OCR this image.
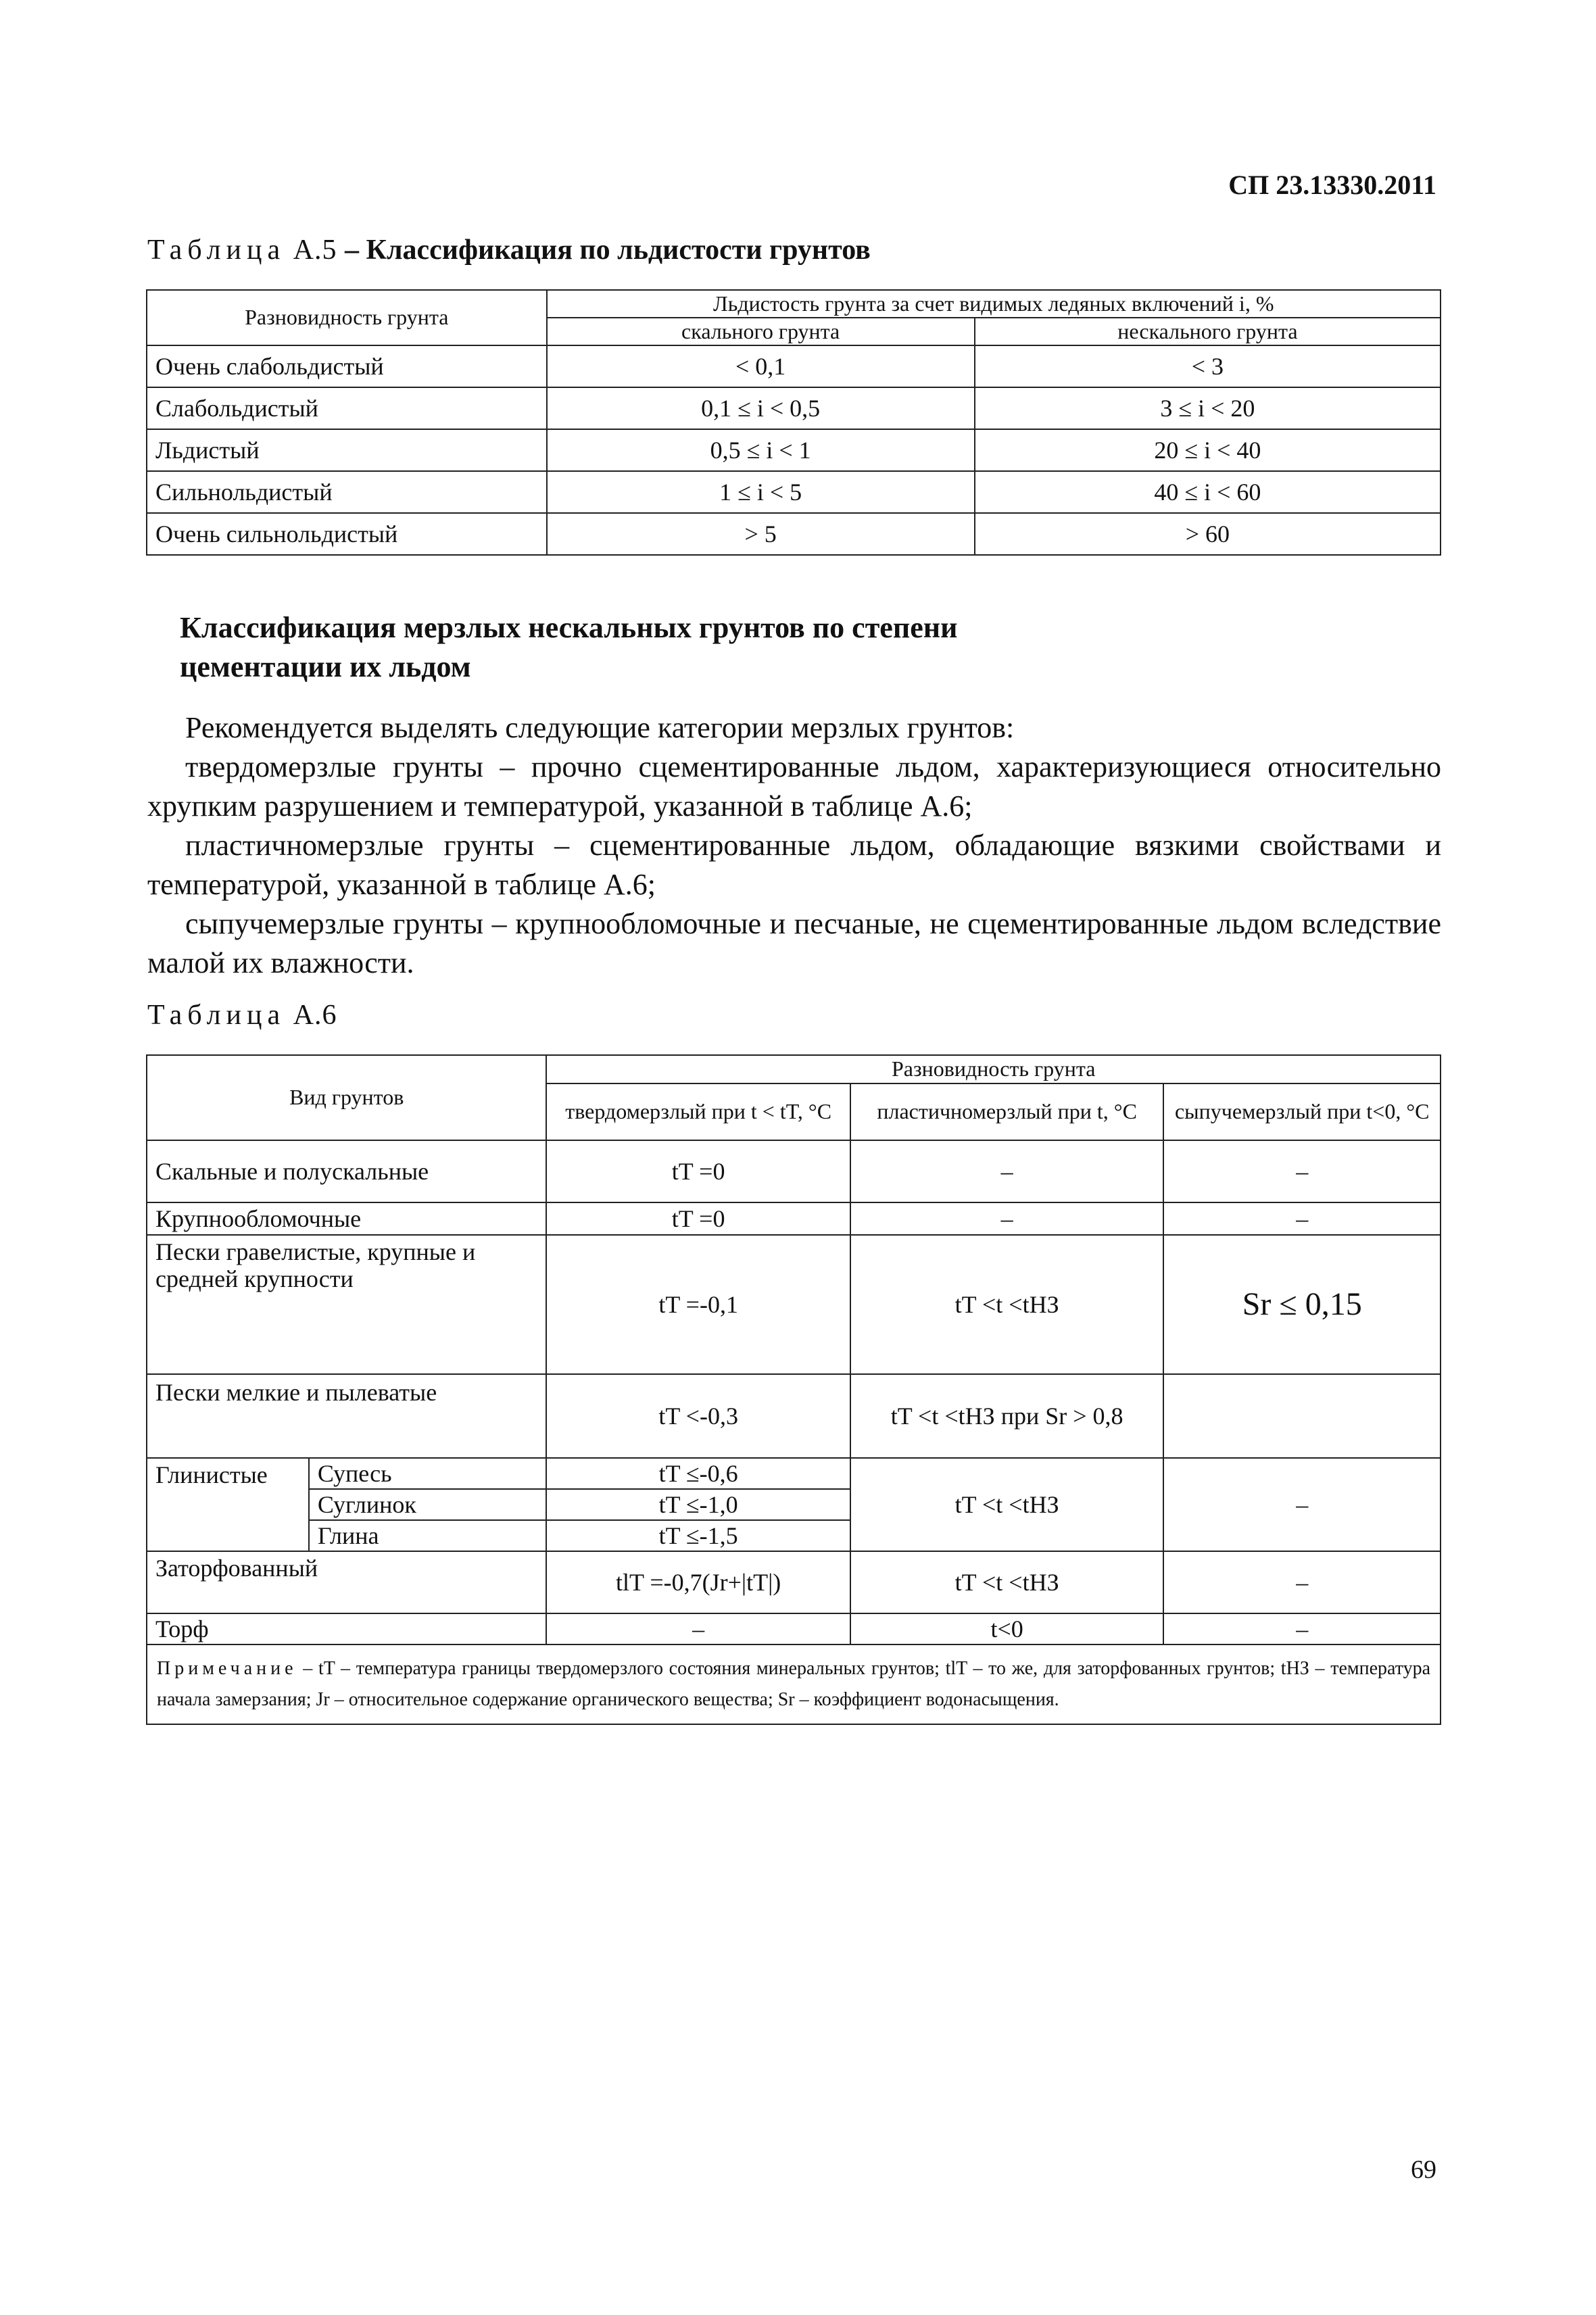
СП 23.13330.2011
Таблица А.5 – Классификация по льдистости грунтов
Разновидность грунта	Льдистость грунта за счет видимых ледяных включений i, %	
	скального грунта	нескального грунта
Очень слабольдистый	< 0,1	< 3
Слабольдистый	0,1 ≤ i < 0,5	3 ≤ i < 20
Льдистый	0,5 ≤ i < 1	20 ≤ i < 40
Сильнольдистый	1 ≤ i < 5	40 ≤ i < 60
Очень сильнольдистый	> 5	> 60
Классификация мерзлых нескальных грунтов по степени цементации их льдом

Рекомендуется выделять следующие категории мерзлых грунтов:

твердомерзлые грунты – прочно сцементированные льдом, характеризующиеся относительно хрупким разрушением и температурой, указанной в таблице А.6;

пластичномерзлые грунты – сцементированные льдом, обладающие вязкими свойствами и температурой, указанной в таблице А.6;

сыпучемерзлые грунты – крупнообломочные и песчаные, не сцементированные льдом вследствие малой их влажности.

Таблица А.6
Вид грунтов		Разновидность грунта		
		твердомерзлый при t < tT, °C	пластичномерзлый при t, °C	сыпучемерзлый при t<0, °C
Скальные и полускальные		tT =0	–	–
Крупнообломочные		tT =0	–	–
Пески гравелистые, крупные и средней крупности		tT =-0,1	tT <t <tНЗ	Sr ≤ 0,15
Пески мелкие и пылеватые		tT <-0,3	tT <t <tНЗ при Sr > 0,8	
Глинистые	Супесь	tT ≤-0,6	tT <t <tНЗ	–
	Суглинок	tT ≤-1,0		
	Глина	tT ≤-1,5		
Заторфованный		tlT =-0,7(Jr+|tT|)	tT <t <tНЗ	–
Торф		–	t<0	–
Примечание – tT – температура границы твердомерзлого состояния минеральных грунтов; tlT – то же, для заторфованных грунтов; tНЗ – температура начала замерзания; Jr – относительное содержание органического вещества; Sr – коэффициент водонасыщения.				
69
